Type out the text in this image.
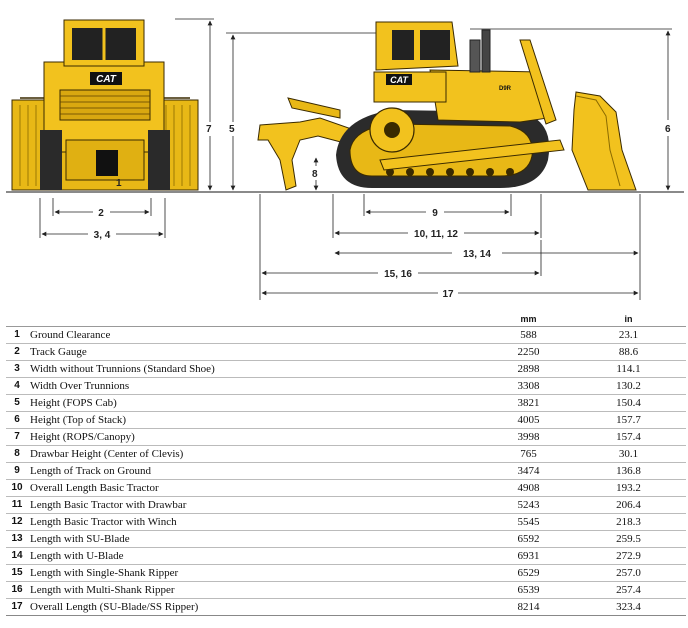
CAT
1
2
3, 4
7 5
CAT
D9R
6
8
9
10, 11, 12
13, 14
15, 16
17
		mm	in
1	Ground Clearance	588	23.1
2	Track Gauge	2250	88.6
3	Width without Trunnions (Standard Shoe)	2898	114.1
4	Width Over Trunnions	3308	130.2
5	Height (FOPS Cab)	3821	150.4
6	Height (Top of Stack)	4005	157.7
7	Height (ROPS/Canopy)	3998	157.4
8	Drawbar Height (Center of Clevis)	765	30.1
9	Length of Track on Ground	3474	136.8
10	Overall Length Basic Tractor	4908	193.2
11	Length Basic Tractor with Drawbar	5243	206.4
12	Length Basic Tractor with Winch	5545	218.3
13	Length with SU-Blade	6592	259.5
14	Length with U-Blade	6931	272.9
15	Length with Single-Shank Ripper	6529	257.0
16	Length with Multi-Shank Ripper	6539	257.4
17	Overall Length (SU-Blade/SS Ripper)	8214	323.4
